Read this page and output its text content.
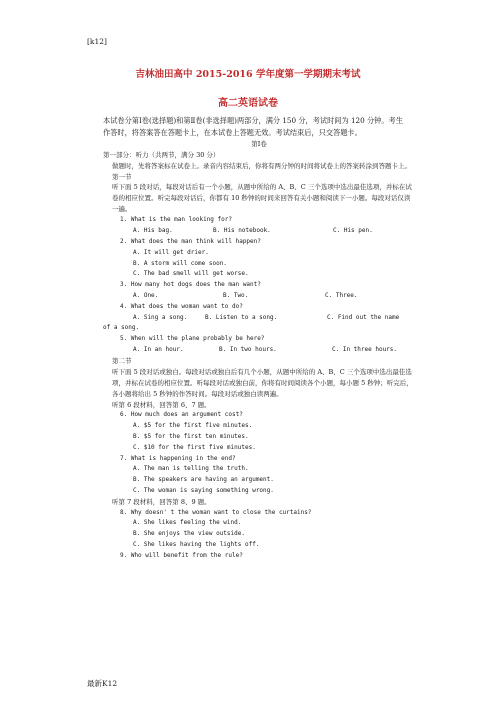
[k12]
吉林油田高中 2015-2016 学年度第一学期期末考试
高二英语试卷
本试卷分第Ⅰ卷(选择题)和第Ⅱ卷(非选择题)两部分，满分 150 分，考试时间为 120 分钟。考生作答时，将答案答在答题卡上，在本试卷上答题无效。考试结束后，只交答题卡。
第Ⅰ卷
第一部分：听力（共两节，满分 30 分）
做题时，先将答案标在试卷上。录音内容结束后，你将有两分钟的时间将试卷上的答案转涂到答题卡上。
第一节
听下面 5 段对话，每段对话后有一个小题，从题中所给的 A、B、C 三个选项中选出最佳选项，并标在试卷的相应位置。听完每段对话后，你都有 10 秒钟的时间来回答有关小题和阅读下一小题。每段对话仅读一遍。
1. What is the man looking for?
A. His bag.	B. His notebook.	C. His pen.
2. What does the man think will happen?
A. It will get drier.
B. A storm will come soon.
C. The bad smell will get worse.
3. How many hot dogs does the man want?
A. One.	B. Two.	C. Three.
4. What does the woman want to do?
A. Sing a song.	B. Listen to a song.	C. Find out the name
of a song.
5. When will the plane probably be here?
A. In an hour.	B. In two hours.	C. In three hours.
第二节
听下面 5 段对话或独白。每段对话或独白后有几个小题，从题中所给的 A、B、C 三个选项中选出最佳选项，并标在试卷的相应位置。听每段对话或独白前，你将有时间阅读各个小题，每小题 5 秒钟；听完后，各小题将给出 5 秒钟的作答时间。每段对话或独白读两遍。
听第 6 段材料，回答第 6、7 题。
6. How much does an argument cost?
A. $5 for the first five minutes.
B. $5 for the first ten minutes.
C. $10 for the first five minutes.
7. What is happening in the end?
A. The man is telling the truth.
B. The speakers are having an argument.
C. The woman is saying something wrong.
听第 7 段材料，回答第 8、9 题。
8. Why doesn' t the woman want to close the curtains?
A. She likes feeling the wind.
B. She enjoys the view outside.
C. She likes having the lights off.
9. Who will benefit from the rule?
最新K12
